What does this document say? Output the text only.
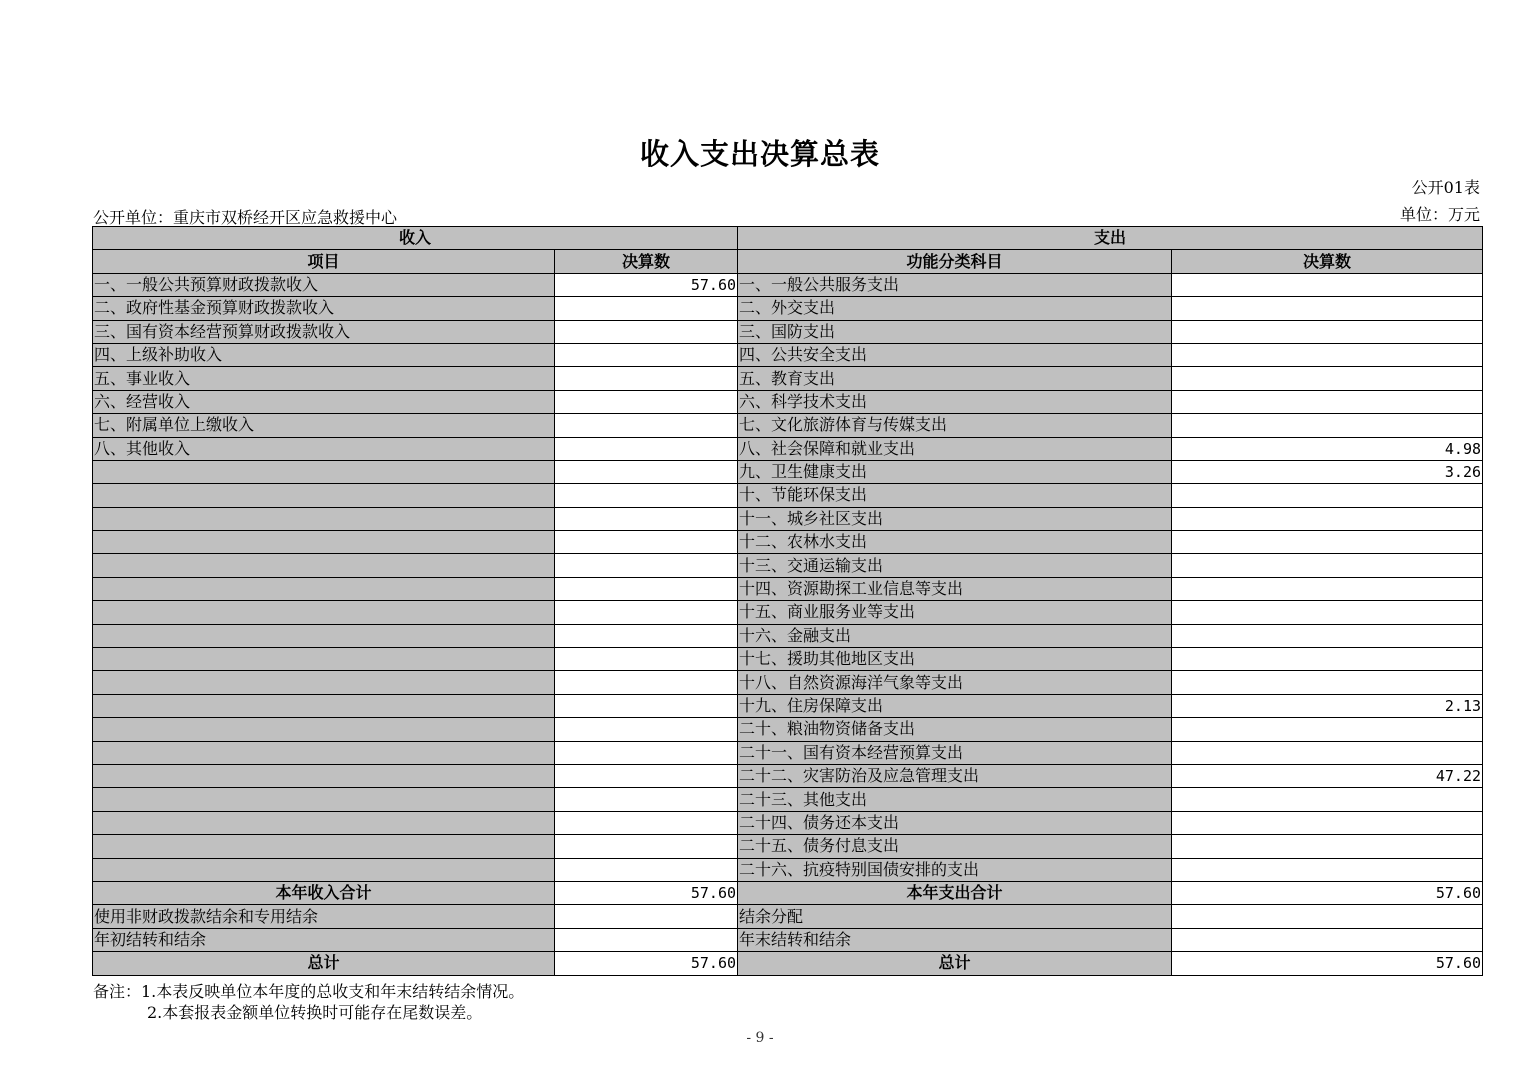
收入支出决算总表
公开01表
公开单位：重庆市双桥经开区应急救援中心	单位：万元
收入		支出	
项目	决算数	功能分类科目	决算数
一、一般公共预算财政拨款收入	57.60	一、一般公共服务支出	
二、政府性基金预算财政拨款收入		二、外交支出	
三、国有资本经营预算财政拨款收入		三、国防支出	
四、上级补助收入		四、公共安全支出	
五、事业收入		五、教育支出	
六、经营收入		六、科学技术支出	
七、附属单位上缴收入		七、文化旅游体育与传媒支出	
八、其他收入		八、社会保障和就业支出	4.98
		九、卫生健康支出	3.26
		十、节能环保支出	
		十一、城乡社区支出	
		十二、农林水支出	
		十三、交通运输支出	
		十四、资源勘探工业信息等支出	
		十五、商业服务业等支出	
		十六、金融支出	
		十七、援助其他地区支出	
		十八、自然资源海洋气象等支出	
		十九、住房保障支出	2.13
		二十、粮油物资储备支出	
		二十一、国有资本经营预算支出	
		二十二、灾害防治及应急管理支出	47.22
		二十三、其他支出	
		二十四、债务还本支出	
		二十五、债务付息支出	
		二十六、抗疫特别国债安排的支出	
本年收入合计	57.60	本年支出合计	57.60
使用非财政拨款结余和专用结余		结余分配	
年初结转和结余		年末结转和结余	
总计	57.60	总计	57.60
备注：1.本表反映单位本年度的总收支和年末结转结余情况。
2.本套报表金额单位转换时可能存在尾数误差。
- 9 -
